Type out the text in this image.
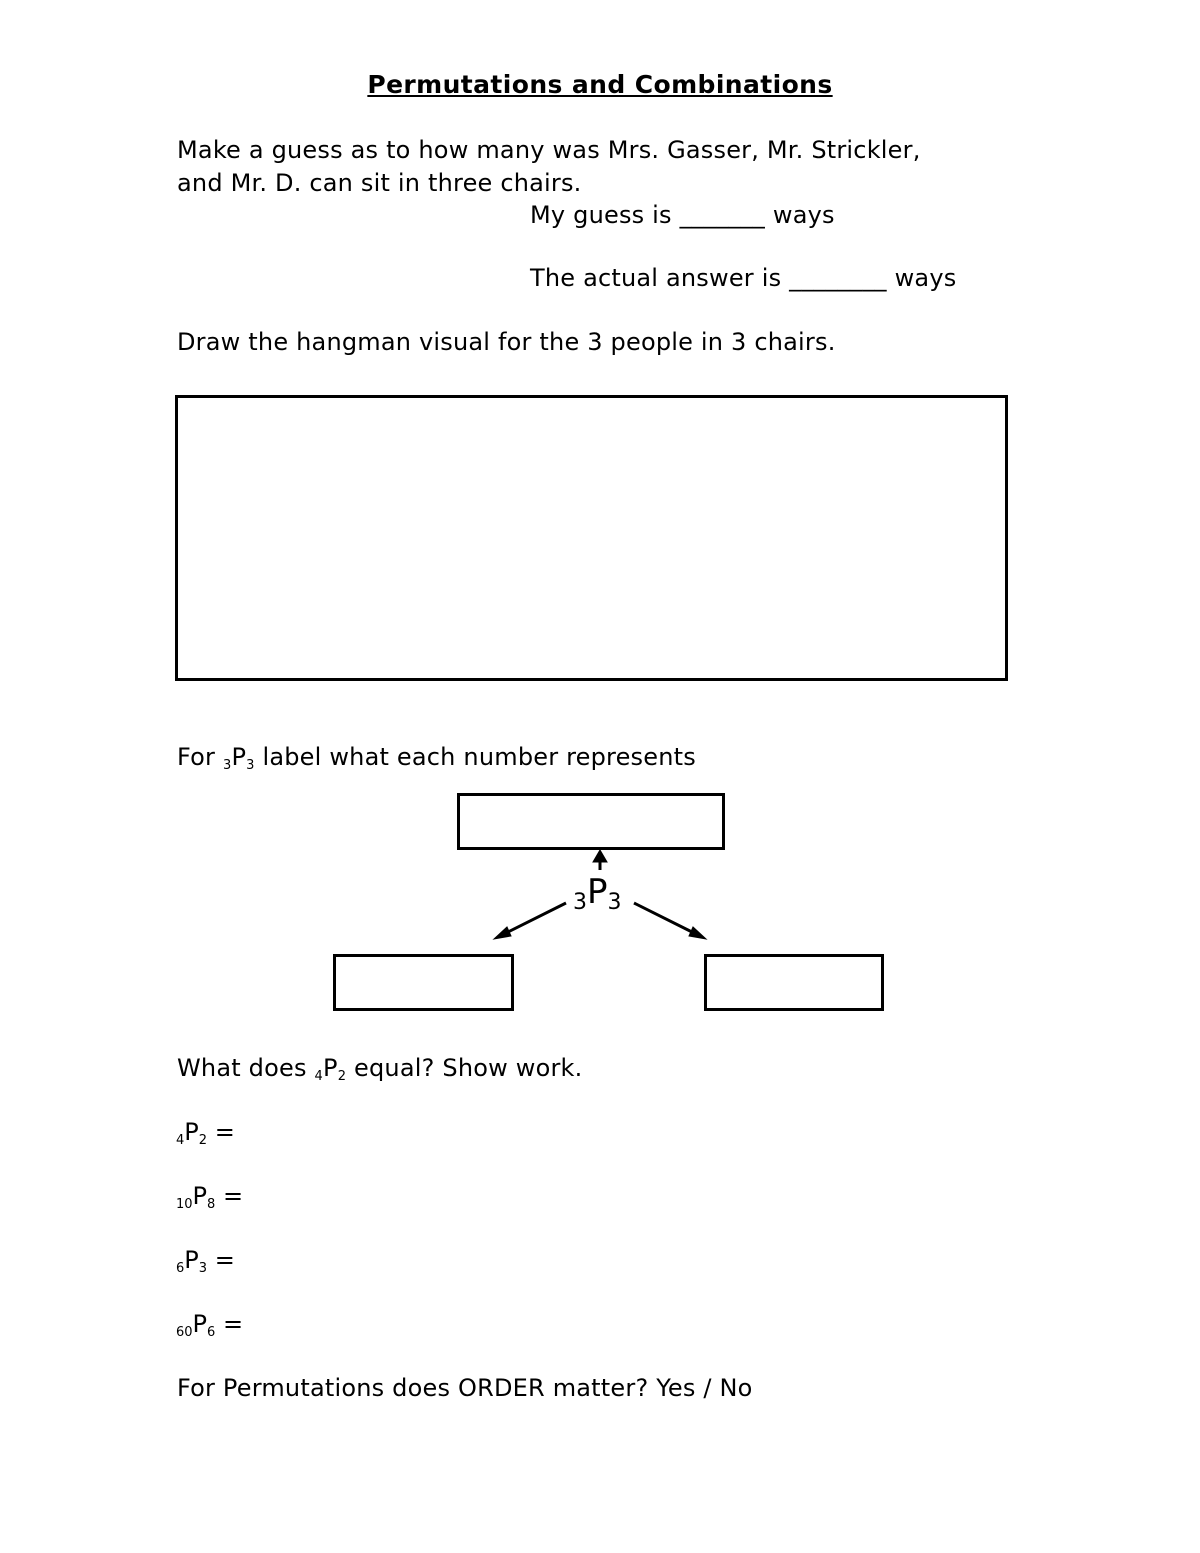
Permutations and Combinations
Make a guess as to how many was Mrs. Gasser, Mr. Strickler,
and Mr. D. can sit in three chairs.
My guess is _______ ways
The actual answer is ________ ways
Draw the hangman visual for the 3 people in 3 chairs.
For 3P3 label what each number represents
3P3
What does 4P2 equal? Show work.
4P2 =
10P8 =
6P3 =
60P6 =
For Permutations does ORDER matter? Yes / No
